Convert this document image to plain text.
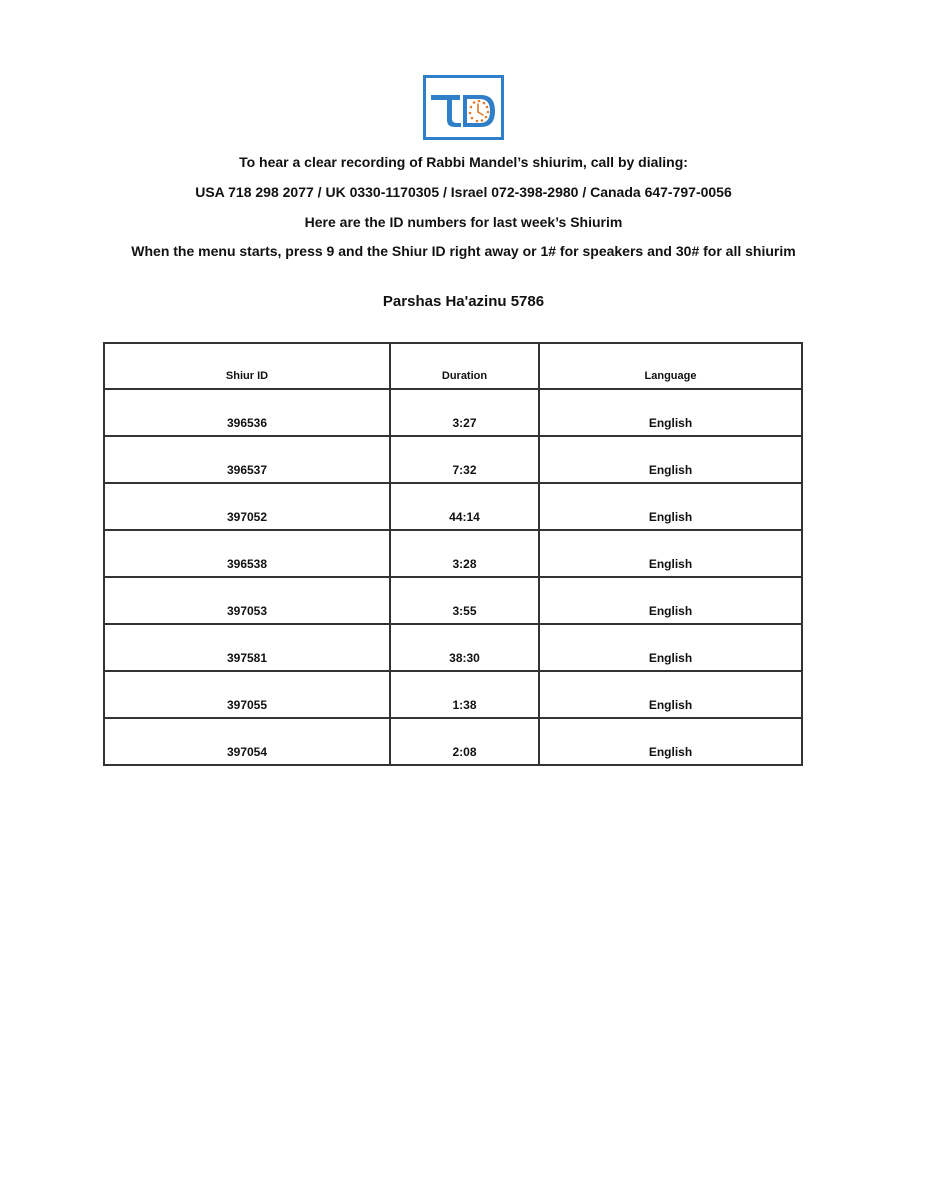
To hear a clear recording of Rabbi Mandel’s shiurim, call by dialing:
USA 718 298 2077 / UK 0330-1170305 / Israel 072-398-2980 / Canada 647-797-0056
Here are the ID numbers for last week’s Shiurim
When the menu starts, press 9 and the Shiur ID right away or 1# for speakers and 30# for all shiurim
Parshas Ha'azinu 5786
Shiur ID	Duration	Language
396536	3:27	English
396537	7:32	English
397052	44:14	English
396538	3:28	English
397053	3:55	English
397581	38:30	English
397055	1:38	English
397054	2:08	English
